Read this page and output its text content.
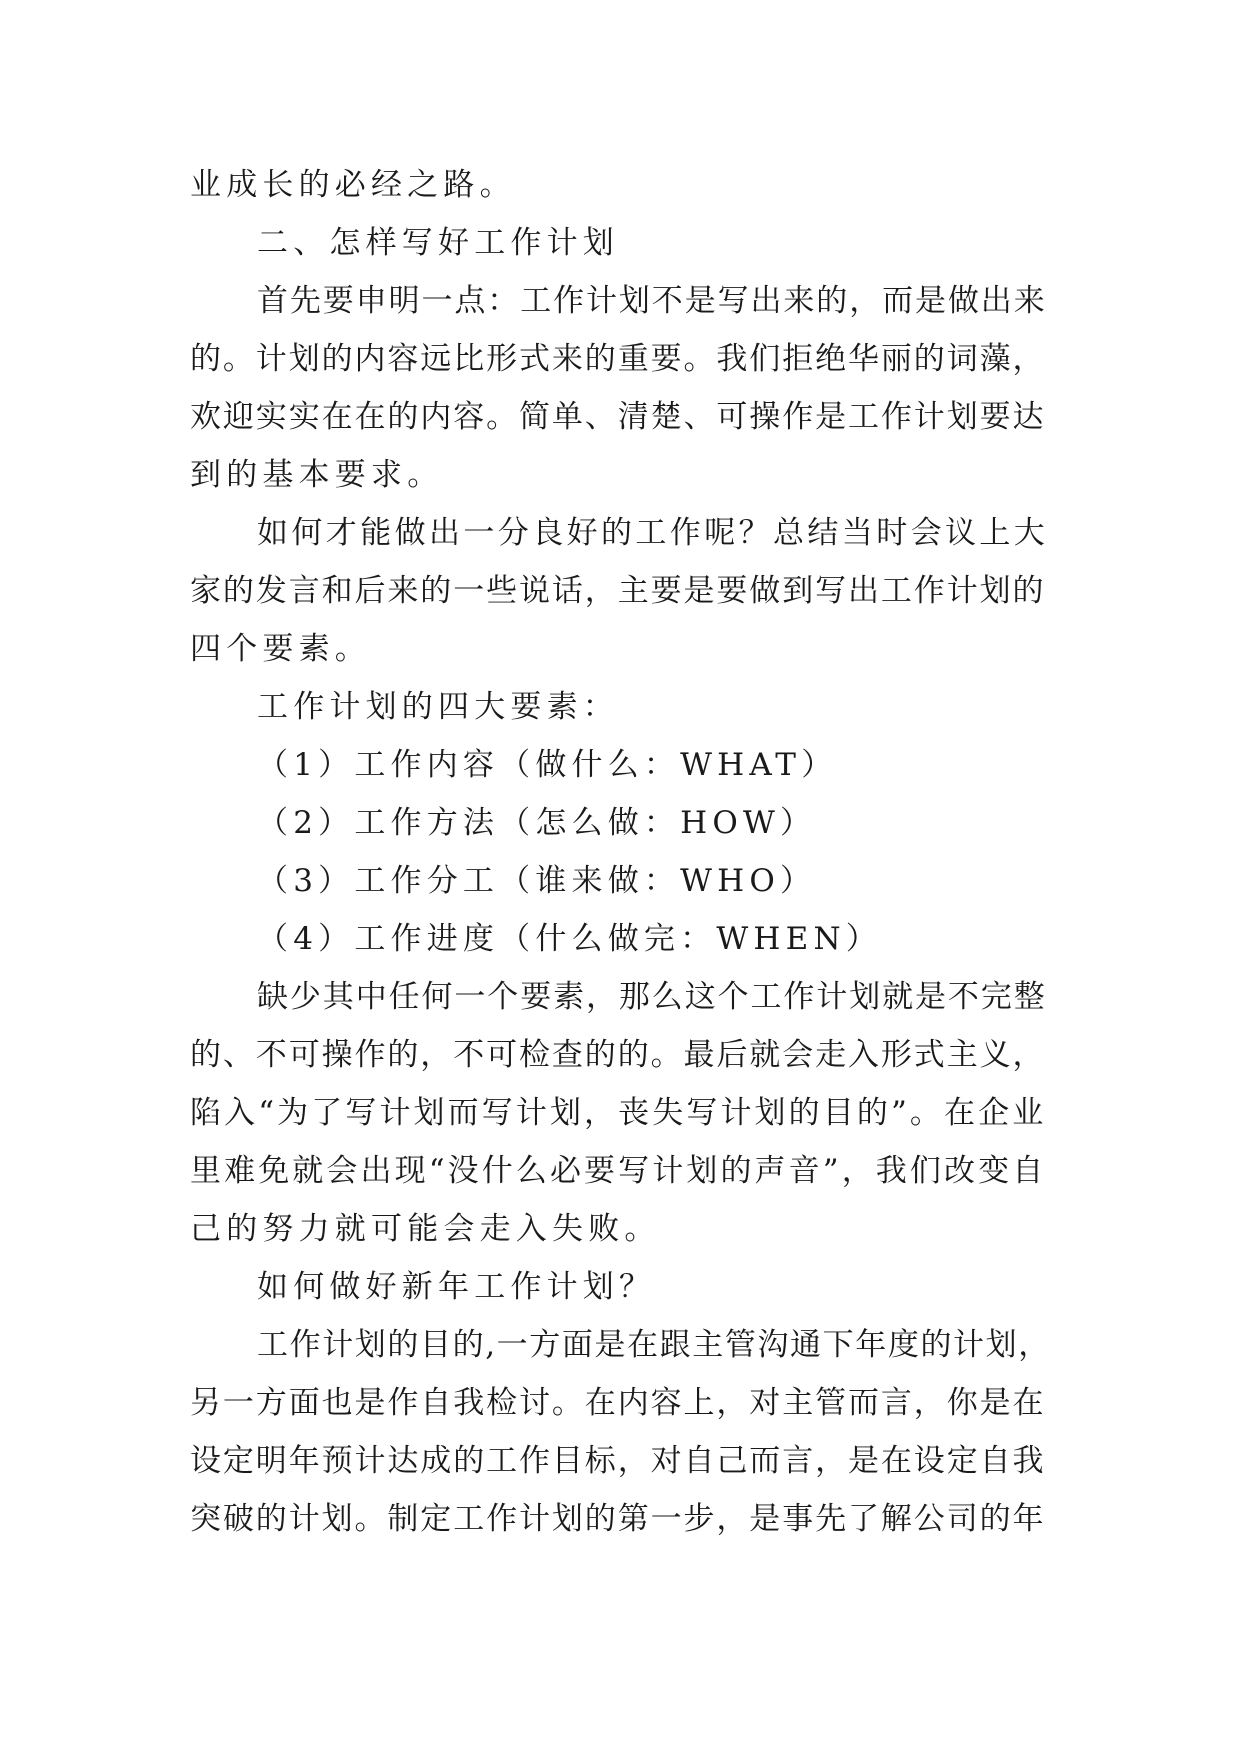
业成长的必经之路。
二、怎样写好工作计划
首先要申明一点：工作计划不是写出来的，而是做出来
的。计划的内容远比形式来的重要。我们拒绝华丽的词藻，
欢迎实实在在的内容。简单、清楚、可操作是工作计划要达
到的基本要求。
如何才能做出一分良好的工作呢？总结当时会议上大
家的发言和后来的一些说话，主要是要做到写出工作计划的
四个要素。
工作计划的四大要素：
（1）工作内容（做什么：WHAT）
（2）工作方法（怎么做：HOW）
（3）工作分工（谁来做：WHO）
（4）工作进度（什么做完：WHEN）
缺少其中任何一个要素，那么这个工作计划就是不完整
的、不可操作的，不可检查的的。最后就会走入形式主义，
陷入“为了写计划而写计划，丧失写计划的目的”。在企业
里难免就会出现“没什么必要写计划的声音”，我们改变自
己的努力就可能会走入失败。
如何做好新年工作计划？
工作计划的目的,一方面是在跟主管沟通下年度的计划，
另一方面也是作自我检讨。在内容上，对主管而言，你是在
设定明年预计达成的工作目标，对自己而言，是在设定自我
突破的计划。制定工作计划的第一步，是事先了解公司的年
